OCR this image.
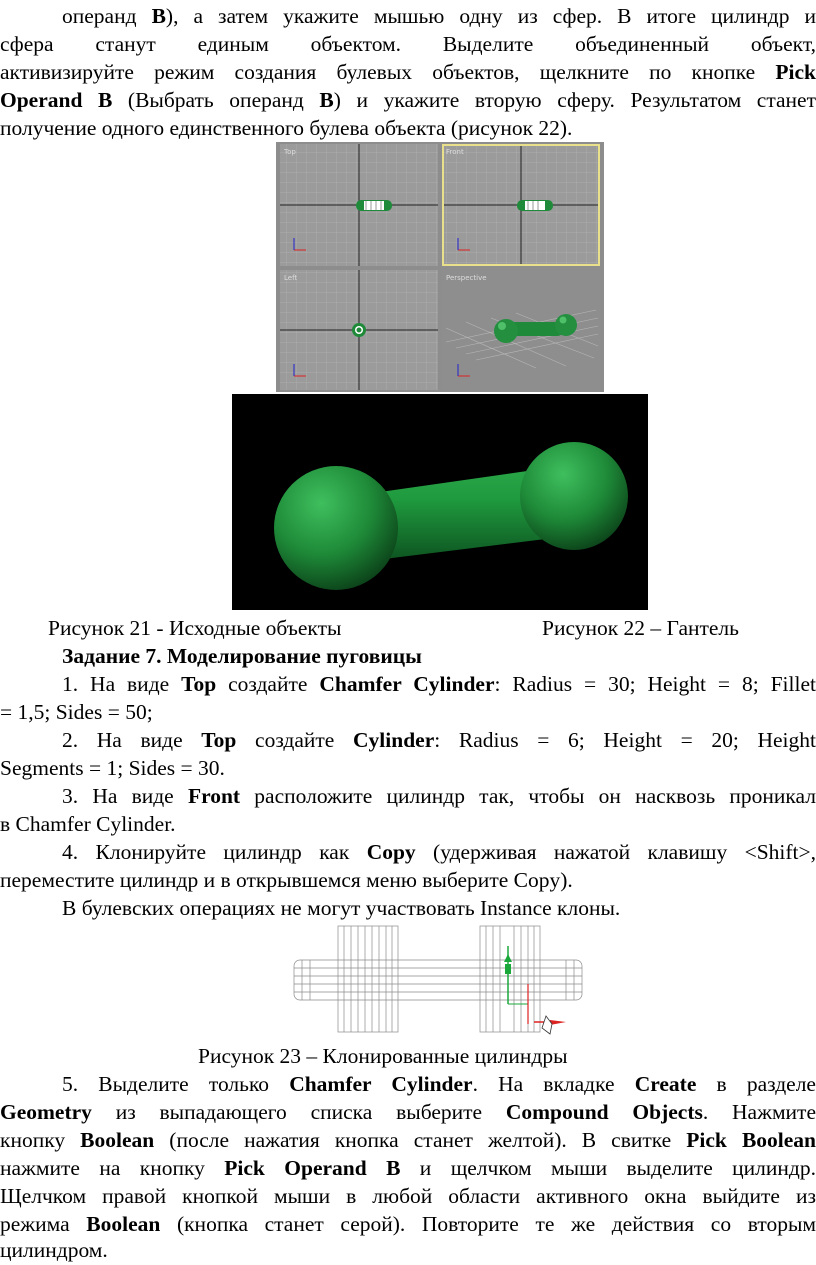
операнд B), а затем укажите мышью одну из сфер. В итоге цилиндр и
сфера станут единым объектом. Выделите объединенный объект,
активизируйте режим создания булевых объектов, щелкните по кнопке Pick
Operand B (Выбрать операнд B) и укажите вторую сферу. Результатом станет
получение одного единственного булева объекта (рисунок 22).
Top	Front
Left	Perspective
Рисунок 21 - Исходные объекты	Рисунок 22 – Гантель
Задание 7. Моделирование пуговицы
1. На виде Top создайте Chamfer Cylinder: Radius = 30; Height = 8; Fillet
= 1,5; Sides = 50;
2. На виде Top создайте Cylinder: Radius = 6; Height = 20; Height
Segments = 1; Sides = 30.
3. На виде Front расположите цилиндр так, чтобы он насквозь проникал
в Chamfer Cylinder.
4. Клонируйте цилиндр как Copy (удерживая нажатой клавишу <Shift>,
переместите цилиндр и в открывшемся меню выберите Copy).
В булевских операциях не могут участвовать Instance клоны.
Рисунок 23 – Клонированные цилиндры
5. Выделите только Chamfer Cylinder. На вкладке Create в разделе
Geometry из выпадающего списка выберите Compound Objects. Нажмите
кнопку Boolean (после нажатия кнопка станет желтой). В свитке Pick Boolean
нажмите на кнопку Pick Operand B и щелчком мыши выделите цилиндр.
Щелчком правой кнопкой мыши в любой области активного окна выйдите из
режима Boolean (кнопка станет серой). Повторите те же действия со вторым
цилиндром.
